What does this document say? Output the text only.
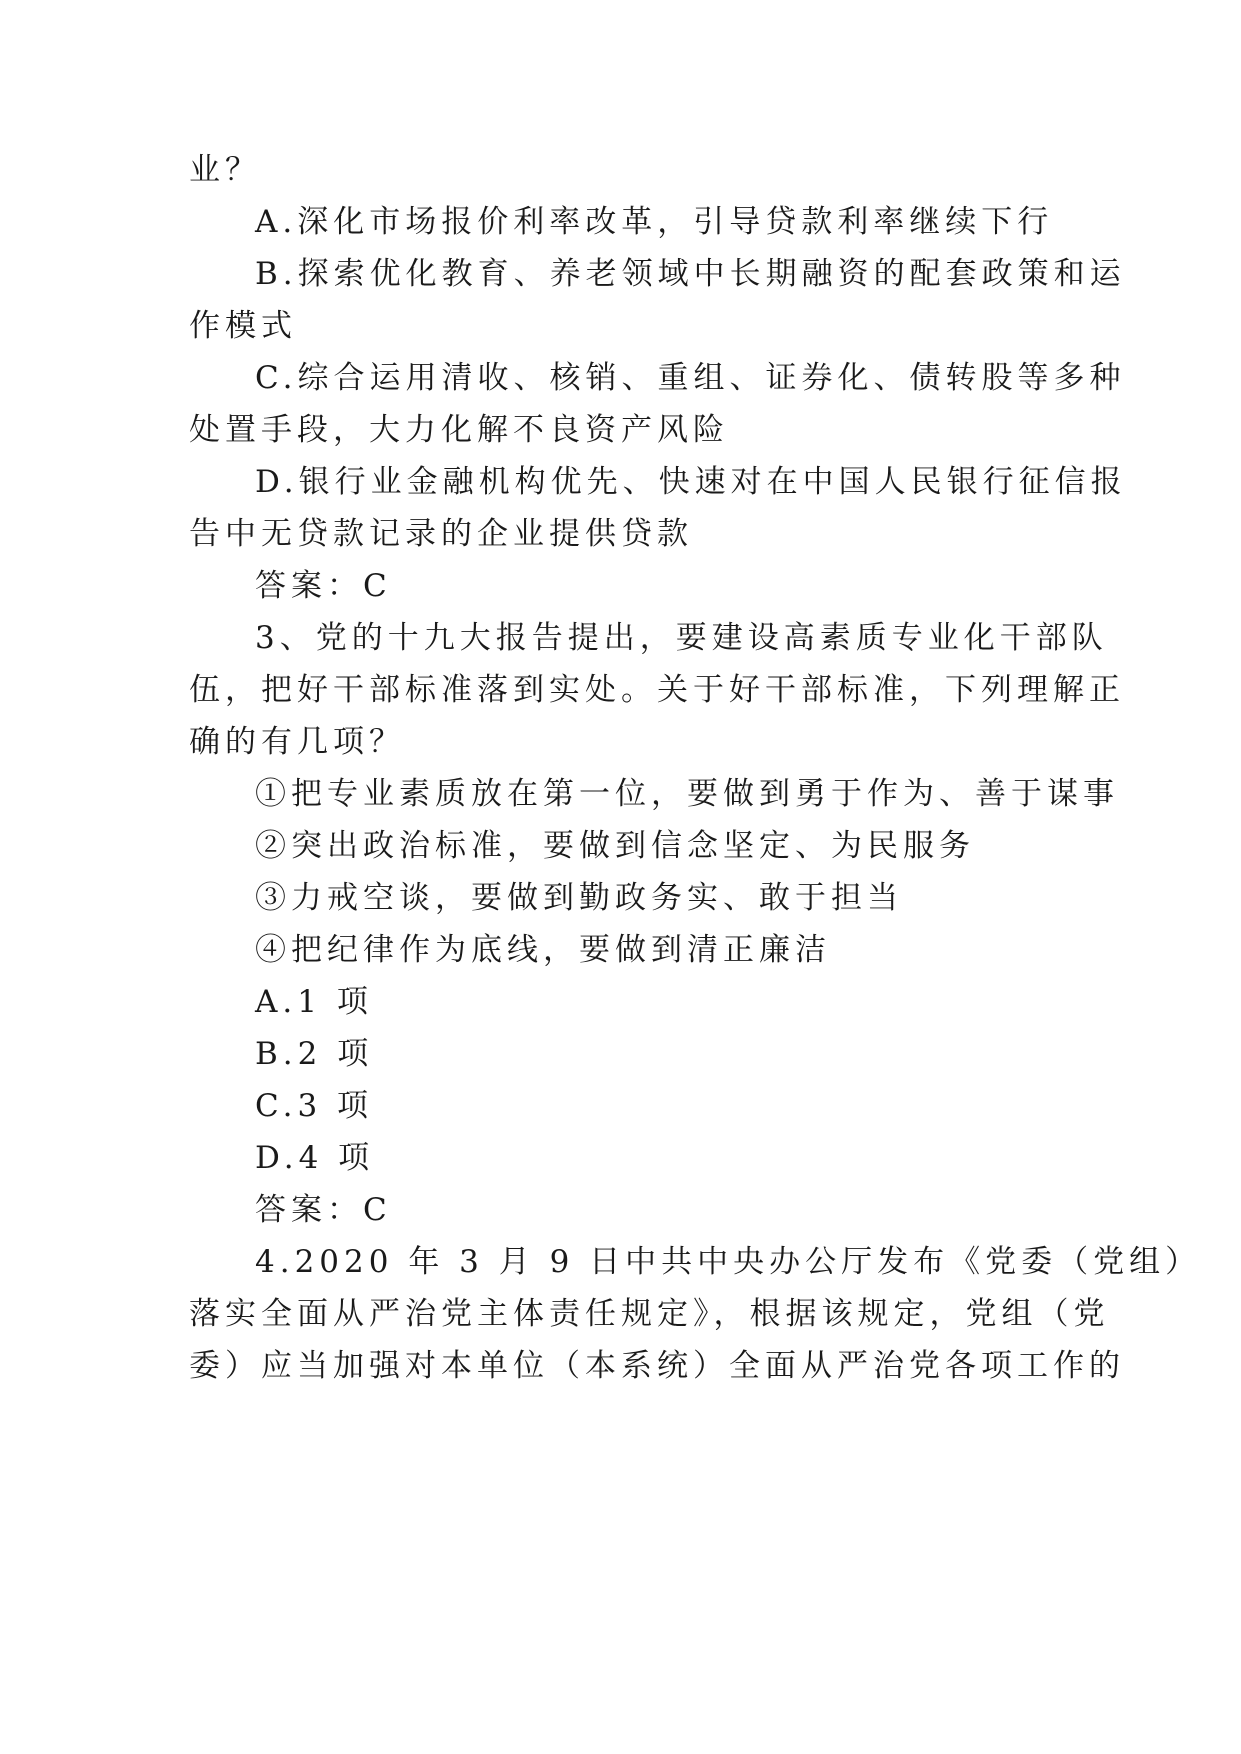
业？
A.深化市场报价利率改革，引导贷款利率继续下行
B.探索优化教育、养老领域中长期融资的配套政策和运
作模式
C.综合运用清收、核销、重组、证券化、债转股等多种
处置手段，大力化解不良资产风险
D.银行业金融机构优先、快速对在中国人民银行征信报
告中无贷款记录的企业提供贷款
答案：C
3、党的十九大报告提出，要建设高素质专业化干部队
伍，把好干部标准落到实处。关于好干部标准，下列理解正
确的有几项？
①把专业素质放在第一位，要做到勇于作为、善于谋事
②突出政治标准，要做到信念坚定、为民服务
③力戒空谈，要做到勤政务实、敢于担当
④把纪律作为底线，要做到清正廉洁
A.1 项
B.2 项
C.3 项
D.4 项
答案：C
4.2020 年 3 月 9 日中共中央办公厅发布《党委（党组）
落实全面从严治党主体责任规定》，根据该规定，党组（党
委）应当加强对本单位（本系统）全面从严治党各项工作的
